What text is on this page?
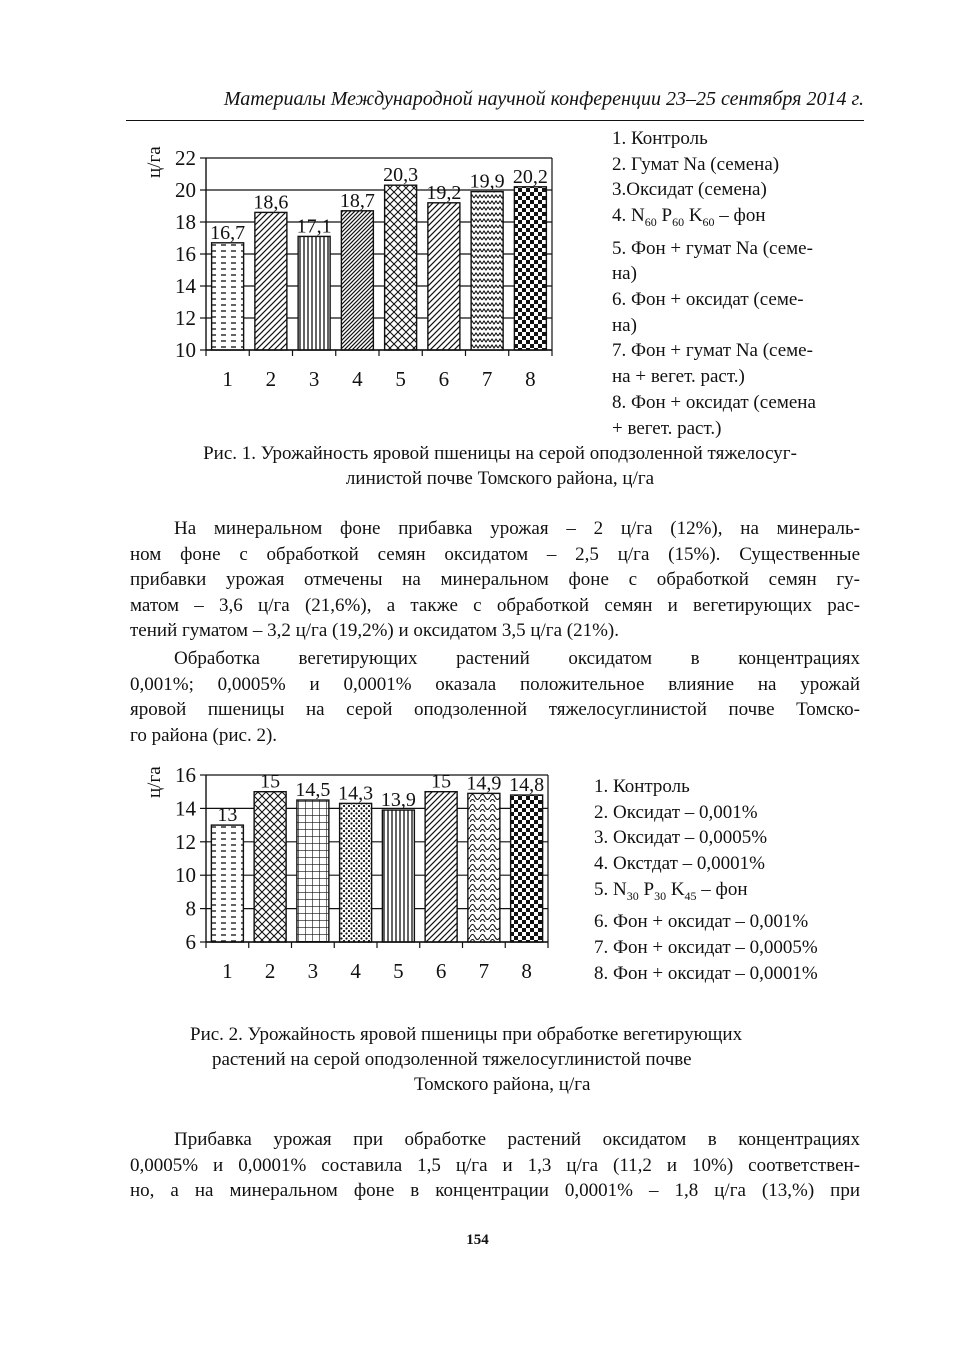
Материалы Международной научной конференции 23–25 сентября 2014 г.
10
12
14
16
18
20
22
ц/га
16,7
1
18,6
2
17,1
3
18,7
4
20,3
5
19,2
6
19,9
7
20,2
8
1. Контроль
2. Гумат Na (семена)
3.Оксидат (семена)
4. $N_{60}$ $P_{60}$ $K_{60}$ – фон
5. Фон + гумат Na (семе-
на)
6. Фон + оксидат (семе-
на)
7. Фон + гумат Na (семе-
на + вегет. раст.)
8. Фон + оксидат (семена
+ вегет. раст.)
Рис. 1. Урожайность яровой пшеницы на серой оподзоленной тяжелосуг-
линистой почве Томского района, ц/га
На минеральном фоне прибавка урожая – 2 ц/га (12%), на минераль-
ном фоне с обработкой семян оксидатом – 2,5 ц/га (15%). Существенные
прибавки урожая отмечены на минеральном фоне с обработкой семян гу-
матом – 3,6 ц/га (21,6%), а также с обработкой семян и вегетирующих рас-
тений гуматом – 3,2 ц/га (19,2%) и оксидатом 3,5 ц/га (21%).
Обработка вегетирующих растений оксидатом в концентрациях
0,001%; 0,0005% и 0,0001% оказала положительное влияние на урожай
яровой пшеницы на серой оподзоленной тяжелосуглинистой почве Томско-
го района (рис. 2).
6
8
10
12
14
16
ц/га
13
1
15
2
14,5
3
14,3
4
13,9
5
15
6
14,9
7
14,8
8
1. Контроль
2. Оксидат – 0,001%
3. Оксидат – 0,0005%
4. Окстдат – 0,0001%
5. $N_{30}$ $P_{30}$ $K_{45}$ – фон
6. Фон + оксидат – 0,001%
7. Фон + оксидат – 0,0005%
8. Фон + оксидат – 0,0001%
Рис. 2. Урожайность яровой пшеницы при обработке вегетирующих
растений на серой оподзоленной тяжелосуглинистой почве
Томского района, ц/га
Прибавка урожая при обработке растений оксидатом в концентрациях
0,0005% и 0,0001% составила 1,5 ц/га и 1,3 ц/га (11,2 и 10%) соответствен-
но, а на минеральном фоне в концентрации 0,0001% – 1,8 ц/га (13,%) при
154
